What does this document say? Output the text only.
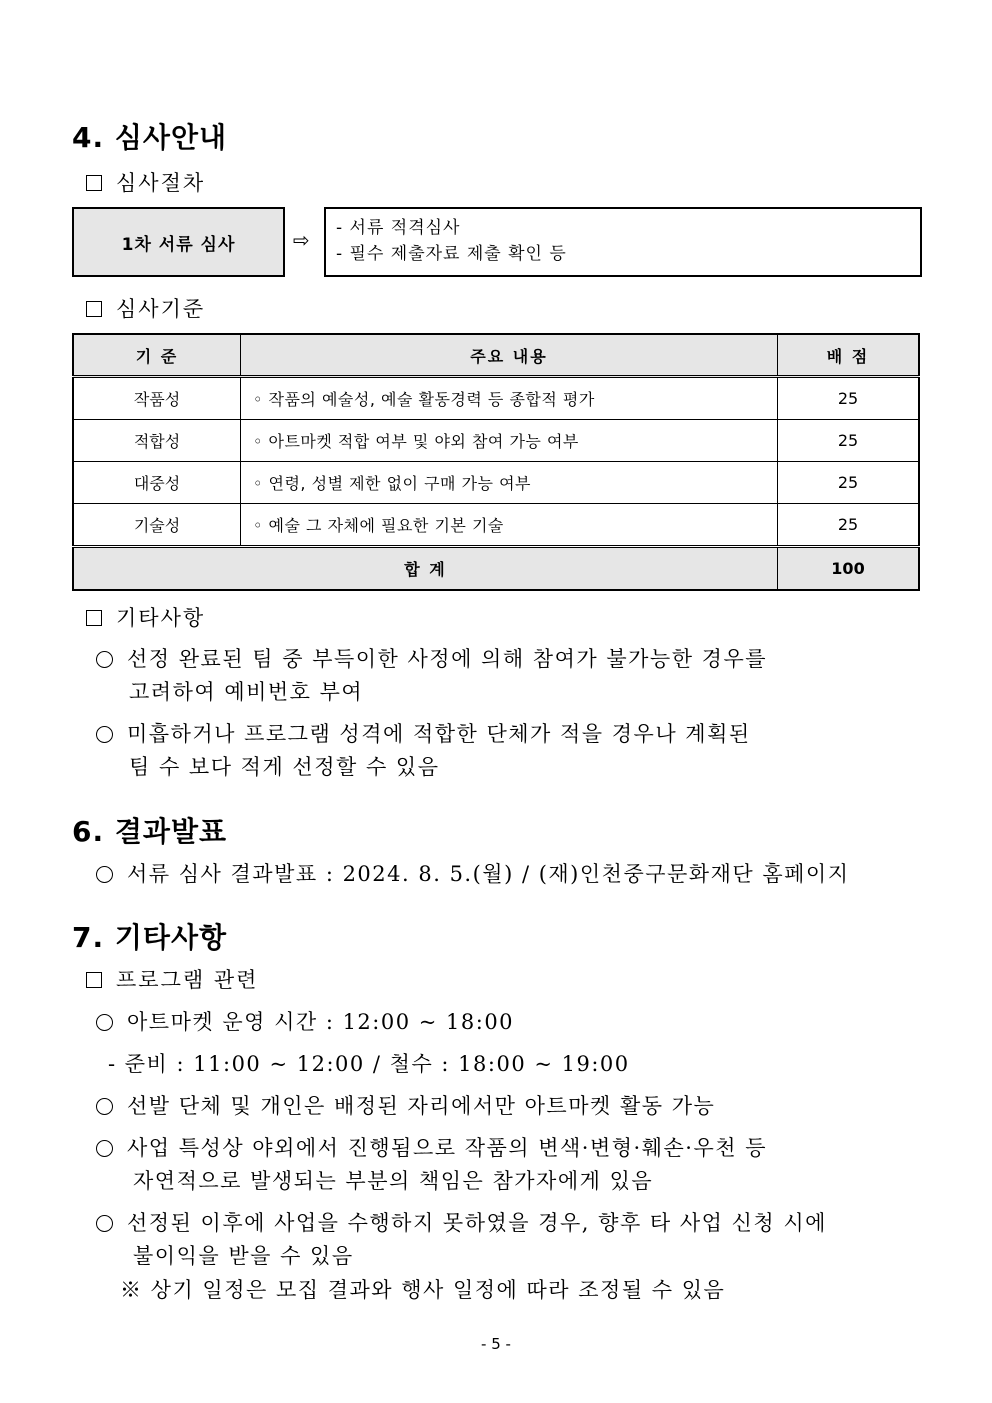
4. 심사안내
심사절차
1차 서류 심사	⇨ - 서류 적격심사
- 필수 제출자료 제출 확인 등
심사기준
기 준	주요 내용	배 점
작품성	◦ 작품의 예술성, 예술 활동경력 등 종합적 평가	25
적합성	◦ 아트마켓 적합 여부 및 야외 참여 가능 여부	25
대중성	◦ 연령, 성별 제한 없이 구매 가능 여부	25
기술성	◦ 예술 그 자체에 필요한 기본 기술	25
합 계		100
기타사항
선정 완료된 팀 중 부득이한 사정에 의해 참여가 불가능한 경우를
고려하여 예비번호 부여
미흡하거나 프로그램 성격에 적합한 단체가 적을 경우나 계획된
팀 수 보다 적게 선정할 수 있음
6. 결과발표
서류 심사 결과발표 : 2024. 8. 5.(월) / (재)인천중구문화재단 홈페이지
7. 기타사항
프로그램 관련
아트마켓 운영 시간 : 12:00 ~ 18:00
- 준비 : 11:00 ~ 12:00 / 철수 : 18:00 ~ 19:00
선발 단체 및 개인은 배정된 자리에서만 아트마켓 활동 가능
사업 특성상 야외에서 진행됨으로 작품의 변색·변형·훼손·우천 등
자연적으로 발생되는 부분의 책임은 참가자에게 있음
선정된 이후에 사업을 수행하지 못하였을 경우, 향후 타 사업 신청 시에
불이익을 받을 수 있음
※ 상기 일정은 모집 결과와 행사 일정에 따라 조정될 수 있음
- 5 -
